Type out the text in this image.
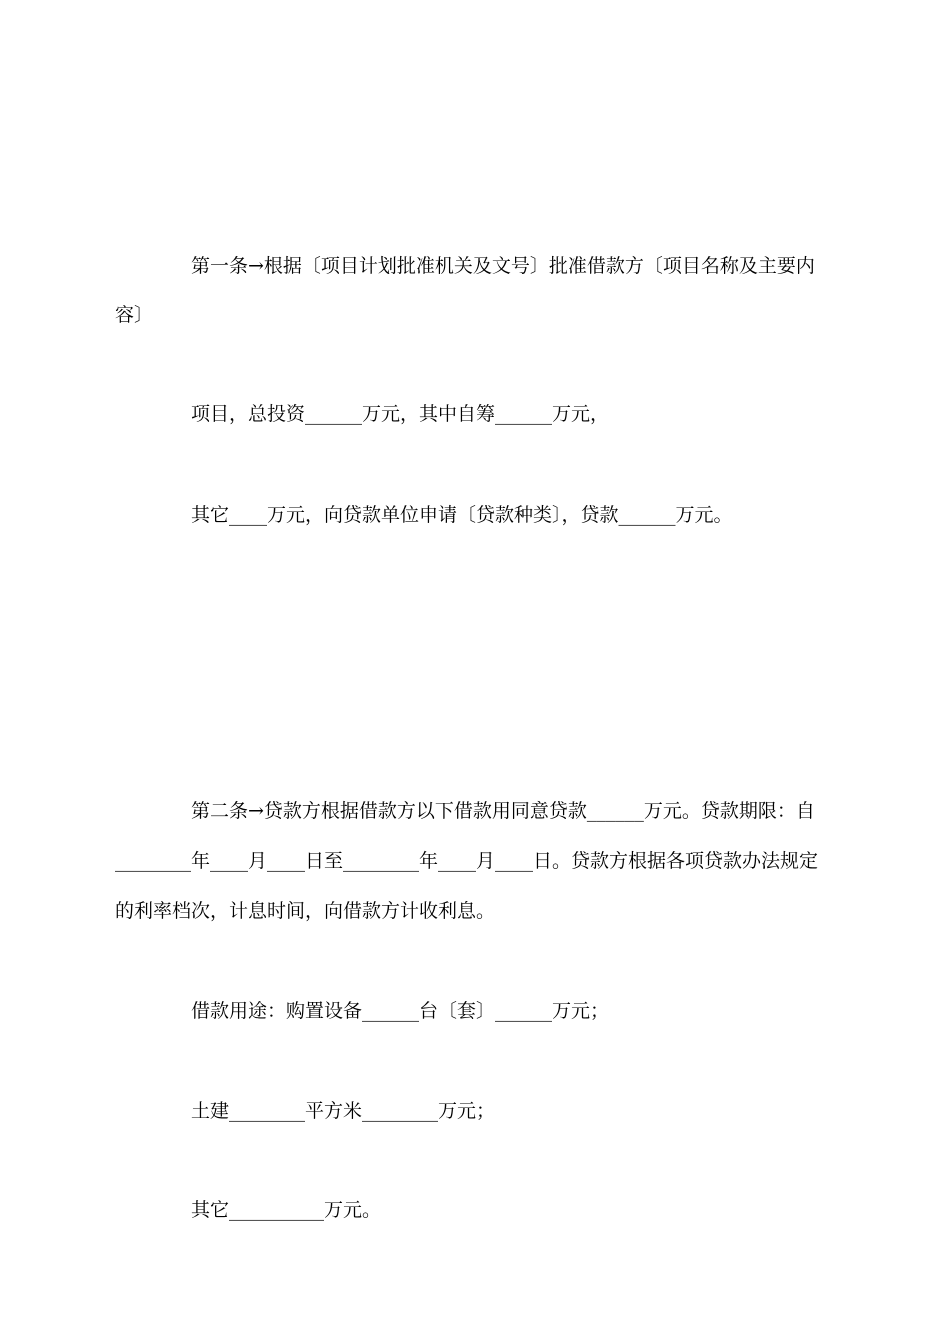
第一条→根据〔项目计划批准机关及文号〕批准借款方〔项目名称及主要内
容〕
项目，总投资______万元，其中自筹______万元，
其它____万元，向贷款单位申请〔贷款种类〕，贷款______万元。
第二条→贷款方根据借款方以下借款用同意贷款______万元。贷款期限：自
________年____月____日至________年____月____日。贷款方根据各项贷款办法规定
的利率档次，计息时间，向借款方计收利息。
借款用途：购置设备______台〔套〕______万元；
土建________平方米________万元；
其它__________万元。
